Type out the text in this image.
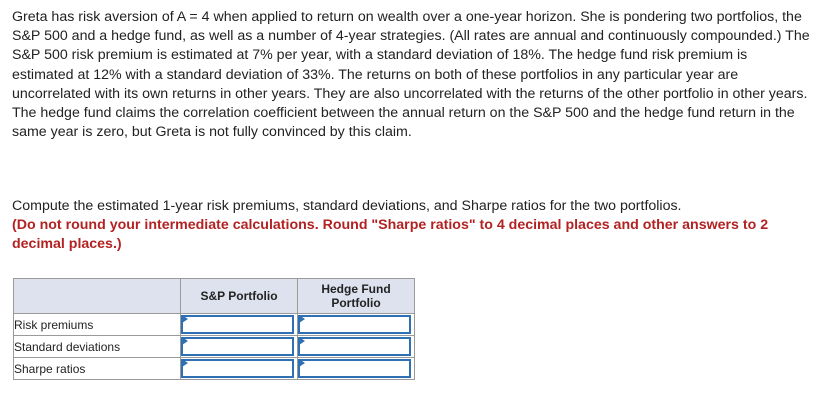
Greta has risk aversion of A = 4 when applied to return on wealth over a one-year horizon. She is pondering two portfolios, the S&P 500 and a hedge fund, as well as a number of 4-year strategies. (All rates are annual and continuously compounded.) The S&P 500 risk premium is estimated at 7% per year, with a standard deviation of 18%. The hedge fund risk premium is estimated at 12% with a standard deviation of 33%. The returns on both of these portfolios in any particular year are uncorrelated with its own returns in other years. They are also uncorrelated with the returns of the other portfolio in other years. The hedge fund claims the correlation coefficient between the annual return on the S&P 500 and the hedge fund return in the same year is zero, but Greta is not fully convinced by this claim.

Compute the estimated 1-year risk premiums, standard deviations, and Sharpe ratios for the two portfolios.
(Do not round your intermediate calculations. Round "Sharpe ratios" to 4 decimal places and other answers to 2 decimal places.)

	S&P Portfolio	Hedge Fund Portfolio
Risk premiums	

Standard deviations	

Sharpe ratios	
